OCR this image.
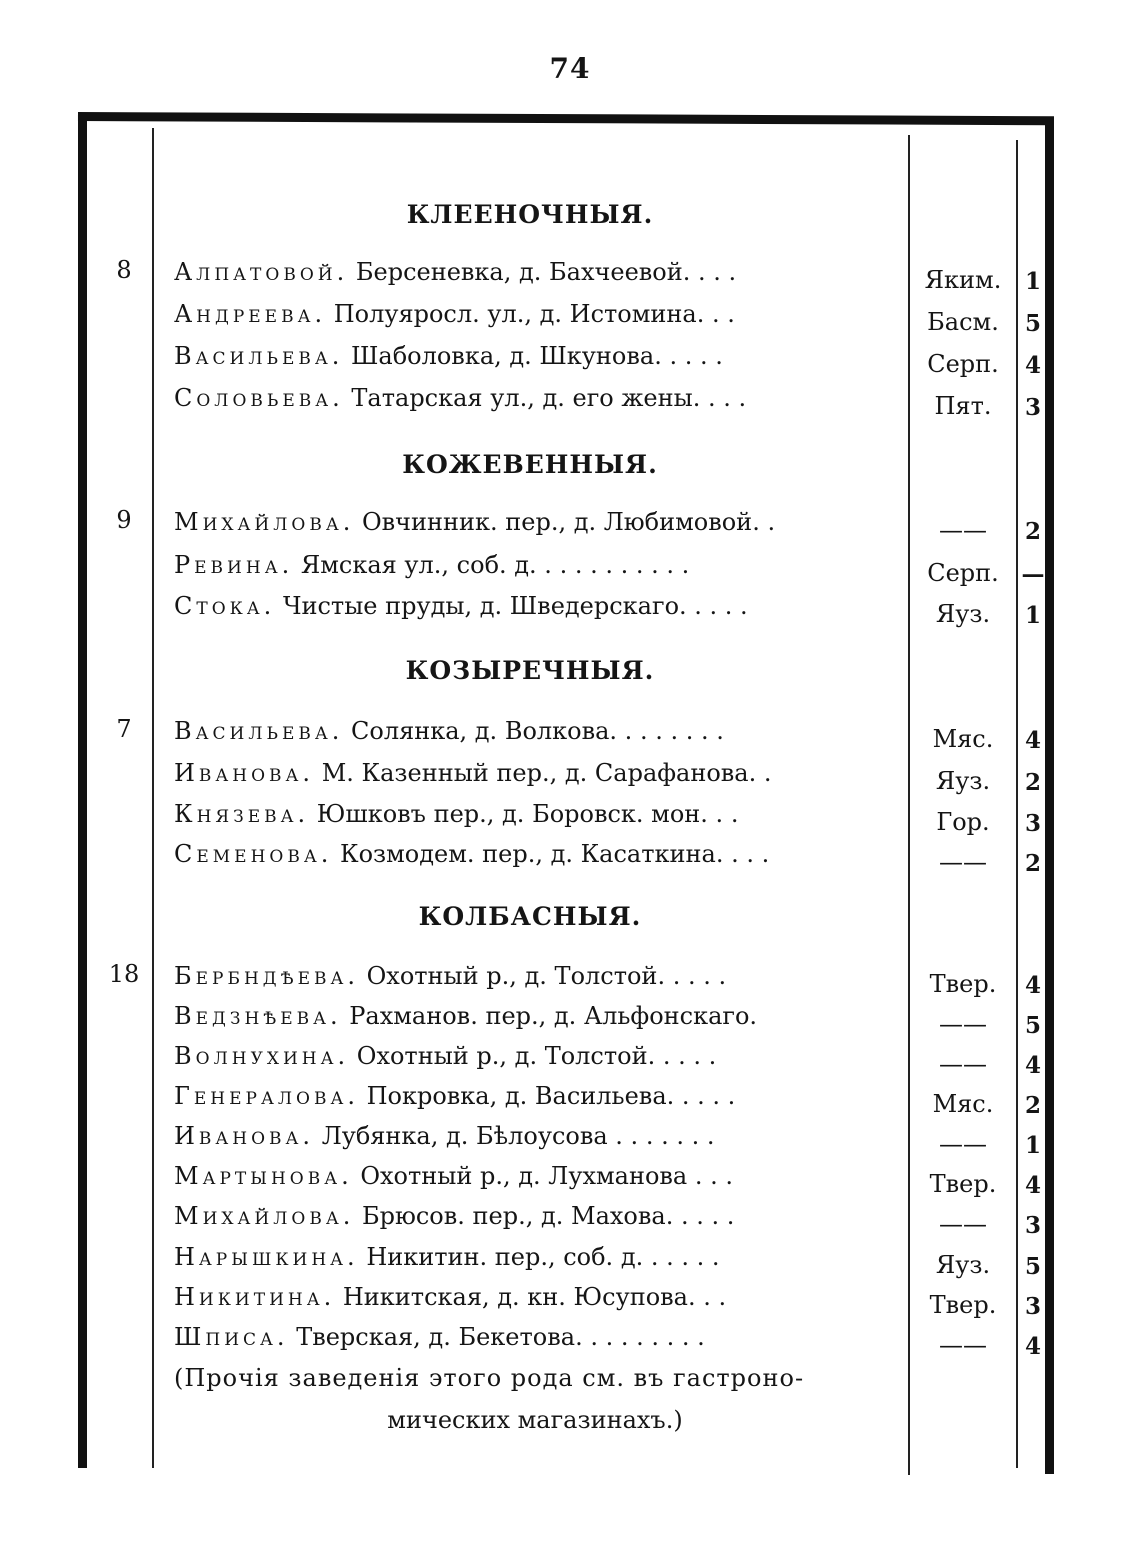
74
КЛЕЕНОЧНЫЯ.
8	Алпатовой. Берсеневка, д. Бахчеевой. . . .	Яким.	1
Андреева. Полуяросл. ул., д. Истомина. . .	Басм.	5
Васильева. Шаболовка, д. Шкунова. . . . .	Серп.	4
Соловьева. Татарская ул., д. его жены. . . .	Пят.	3
КОЖЕВЕННЫЯ.
9	Михайлова. Овчинник. пер., д. Любимовой. .	——	2
Ревина. Ямская ул., соб. д. . . . . . . . . . .	Серп. —
Стока. Чистые пруды, д. Шведерскаго. . . . .	Яуз.	1
КОЗЫРЕЧНЫЯ.
7	Васильева. Солянка, д. Волкова. . . . . . . .	Мяс.	4
Иванова. М. Казенный пер., д. Сарафанова. .	Яуз.	2
Князева. Юшковъ пер., д. Боровск. мон. . .	Гор.	3
Семенова. Козмодем. пер., д. Касаткина. . . .	——	2
КОЛБАСНЫЯ.
18	Бербндѣева. Охотный р., д. Толстой. . . . .	Твер.	4
Ведзнѣева. Рахманов. пер., д. Альфонскаго.	——	5
Волнухина. Охотный р., д. Толстой. . . . .	——	4
Генералова. Покровка, д. Васильева. . . . .	Мяс.	2
Иванова. Лубянка, д. Бѣлоусова . . . . . . .	——	1
Мартынова. Охотный р., д. Лухманова . . .	Твер.	4
Михайлова. Брюсов. пер., д. Махова. . . . .	——	3
Нарышкина. Никитин. пер., соб. д. . . . . .	Яуз.	5
Никитина. Никитская, д. кн. Юсупова. . .	Твер.	3
Шписа. Тверская, д. Бекетова. . . . . . . . .	——	4
(Прочія заведенія этого рода см. въ гастроно-
мических магазинахъ.)
